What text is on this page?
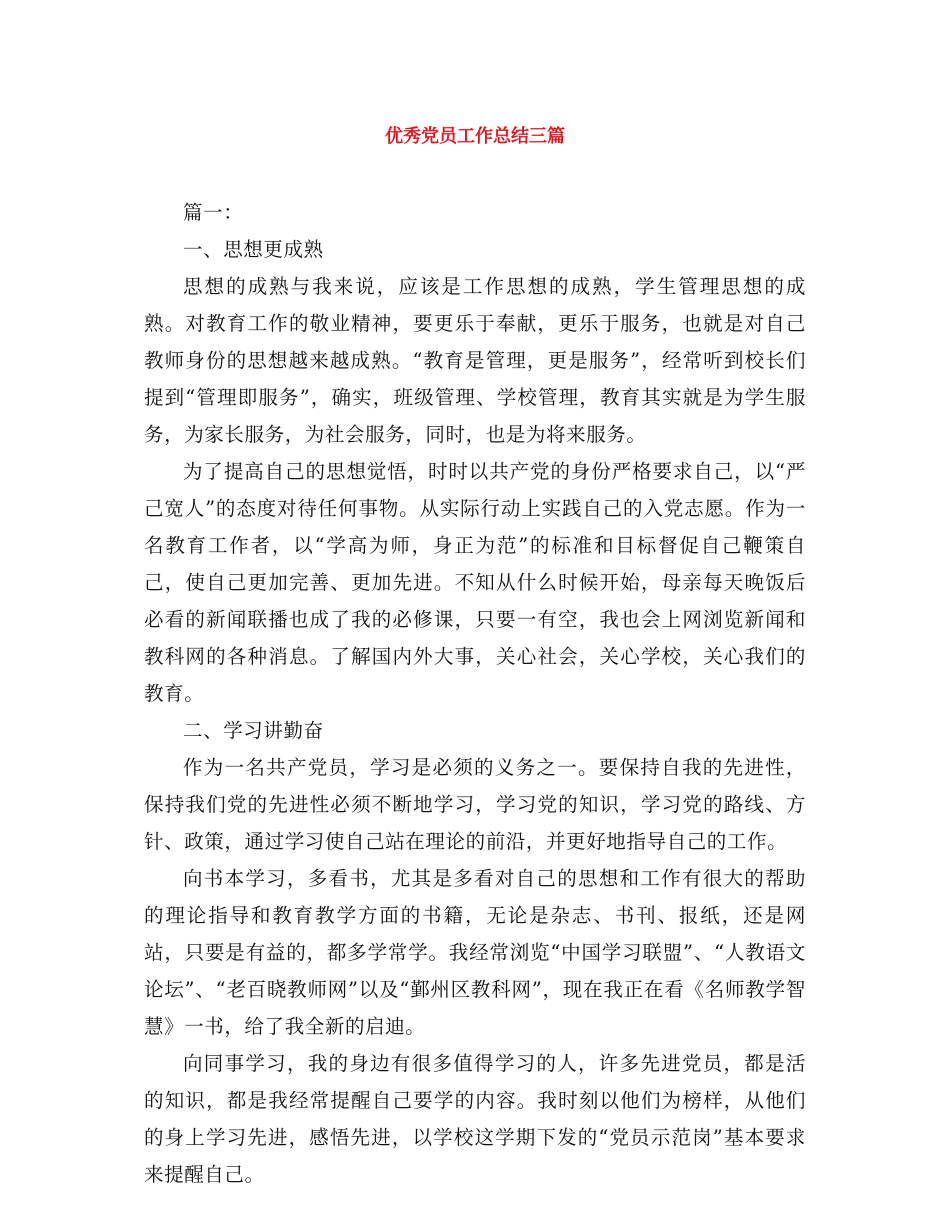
优秀党员工作总结三篇

篇一：

一、思想更成熟

思想的成熟与我来说，应该是工作思想的成熟，学生管理思想的成熟。对教育工作的敬业精神，要更乐于奉献，更乐于服务，也就是对自己教师身份的思想越来越成熟。“教育是管理，更是服务”，经常听到校长们提到“管理即服务”，确实，班级管理、学校管理，教育其实就是为学生服务，为家长服务，为社会服务，同时，也是为将来服务。

为了提高自己的思想觉悟，时时以共产党的身份严格要求自己，以“严己宽人”的态度对待任何事物。从实际行动上实践自己的入党志愿。作为一名教育工作者，以“学高为师，身正为范”的标准和目标督促自己鞭策自己，使自己更加完善、更加先进。不知从什么时候开始，母亲每天晚饭后必看的新闻联播也成了我的必修课，只要一有空，我也会上网浏览新闻和教科网的各种消息。了解国内外大事，关心社会，关心学校，关心我们的教育。

二、学习讲勤奋

作为一名共产党员，学习是必须的义务之一。要保持自我的先进性，保持我们党的先进性必须不断地学习，学习党的知识，学习党的路线、方针、政策，通过学习使自己站在理论的前沿，并更好地指导自己的工作。

向书本学习，多看书，尤其是多看对自己的思想和工作有很大的帮助的理论指导和教育教学方面的书籍，无论是杂志、书刊、报纸，还是网站，只要是有益的，都多学常学。我经常浏览“中国学习联盟”、“人教语文论坛”、“老百晓教师网”以及“鄞州区教科网”，现在我正在看《名师教学智慧》一书，给了我全新的启迪。

向同事学习，我的身边有很多值得学习的人，许多先进党员，都是活的知识，都是我经常提醒自己要学的内容。我时刻以他们为榜样，从他们的身上学习先进，感悟先进，以学校这学期下发的“党员示范岗”基本要求来提醒自己。
